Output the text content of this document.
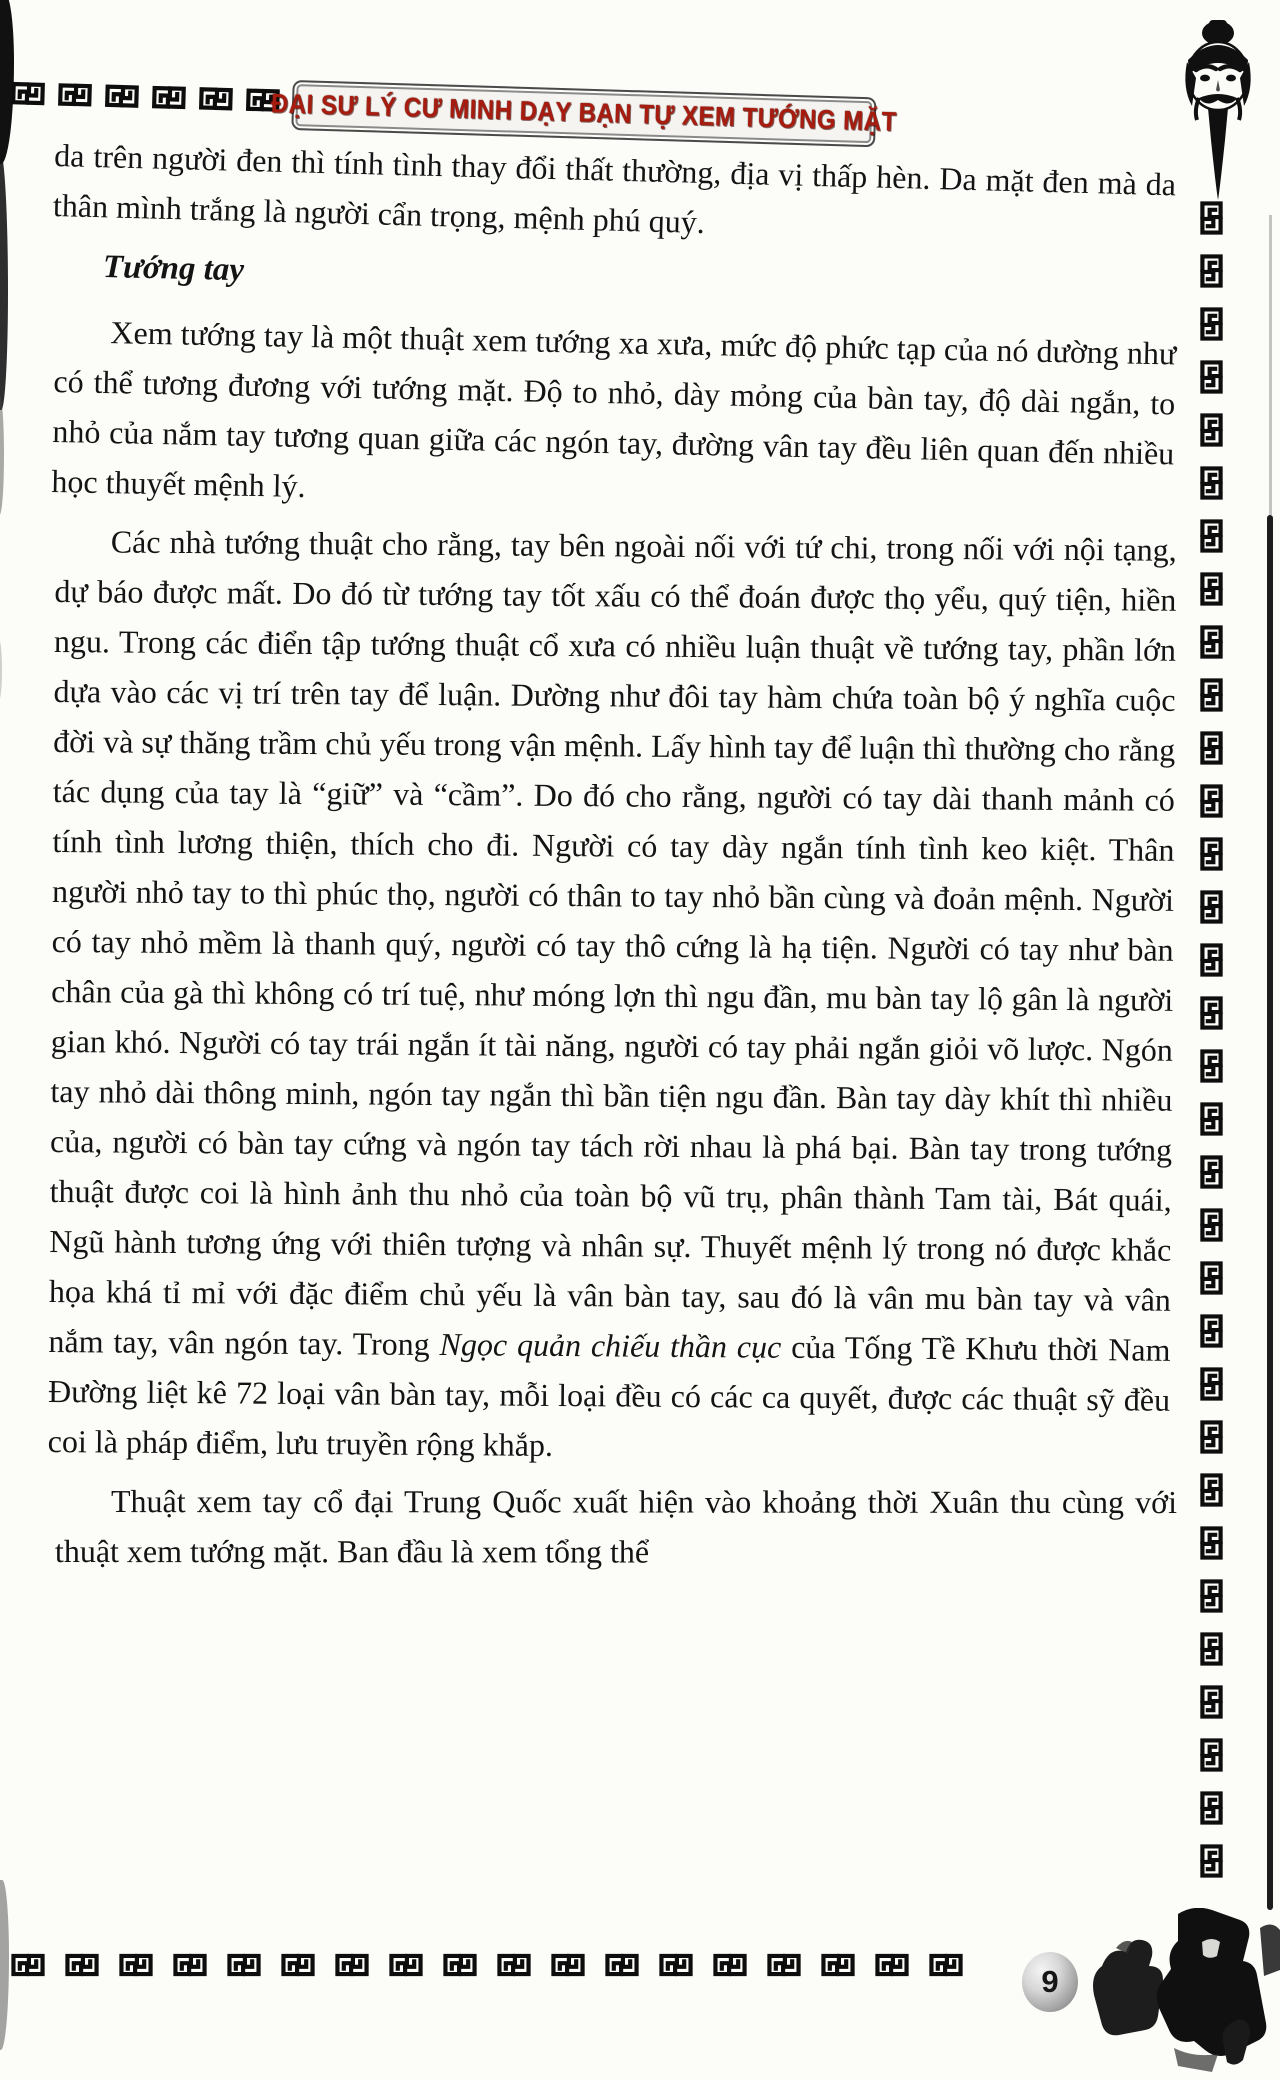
ĐẠI SƯ LÝ CƯ MINH DẠY BẠN TỰ XEM TƯỚNG MẶT

da trên người đen thì tính tình thay đổi thất thường, địa vị thấp hèn. Da mặt đen mà da thân mình trắng là người cẩn trọng, mệnh phú quý.

Tướng tay

Xem tướng tay là một thuật xem tướng xa xưa, mức độ phức tạp của nó dường như có thể tương đương với tướng mặt. Độ to nhỏ, dày mỏng của bàn tay, độ dài ngắn, to nhỏ của nắm tay tương quan giữa các ngón tay, đường vân tay đều liên quan đến nhiều học thuyết mệnh lý.

Các nhà tướng thuật cho rằng, tay bên ngoài nối với tứ chi, trong nối với nội tạng, dự báo được mất. Do đó từ tướng tay tốt xấu có thể đoán được thọ yểu, quý tiện, hiền ngu. Trong các điển tập tướng thuật cổ xưa có nhiều luận thuật về tướng tay, phần lớn dựa vào các vị trí trên tay để luận. Dường như đôi tay hàm chứa toàn bộ ý nghĩa cuộc đời và sự thăng trầm chủ yếu trong vận mệnh. Lấy hình tay để luận thì thường cho rằng tác dụng của tay là “giữ” và “cầm”. Do đó cho rằng, người có tay dài thanh mảnh có tính tình lương thiện, thích cho đi. Người có tay dày ngắn tính tình keo kiệt. Thân người nhỏ tay to thì phúc thọ, người có thân to tay nhỏ bần cùng và đoản mệnh. Người có tay nhỏ mềm là thanh quý, người có tay thô cứng là hạ tiện. Người có tay như bàn chân của gà thì không có trí tuệ, như móng lợn thì ngu đần, mu bàn tay lộ gân là người gian khó. Người có tay trái ngắn ít tài năng, người có tay phải ngắn giỏi võ lược. Ngón tay nhỏ dài thông minh, ngón tay ngắn thì bần tiện ngu đần. Bàn tay dày khít thì nhiều của, người có bàn tay cứng và ngón tay tách rời nhau là phá bại. Bàn tay trong tướng thuật được coi là hình ảnh thu nhỏ của toàn bộ vũ trụ, phân thành Tam tài, Bát quái, Ngũ hành tương ứng với thiên tượng và nhân sự. Thuyết mệnh lý trong nó được khắc họa khá tỉ mỉ với đặc điểm chủ yếu là vân bàn tay, sau đó là vân mu bàn tay và vân nắm tay, vân ngón tay. Trong Ngọc quản chiếu thần cục của Tống Tề Khưu thời Nam Đường liệt kê 72 loại vân bàn tay, mỗi loại đều có các ca quyết, được các thuật sỹ đều coi là pháp điểm, lưu truyền rộng khắp.

Thuật xem tay cổ đại Trung Quốc xuất hiện vào khoảng thời Xuân thu cùng với thuật xem tướng mặt. Ban đầu là xem tổng thể

9
